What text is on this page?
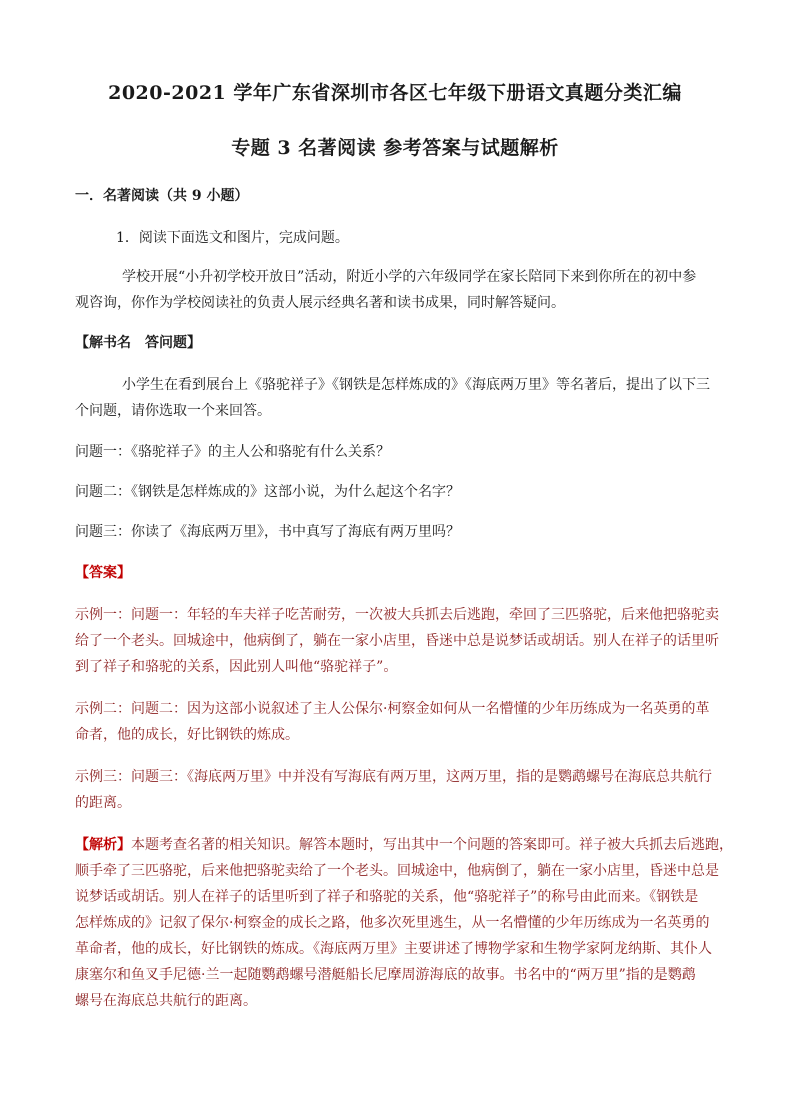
2020-2021 学年广东省深圳市各区七年级下册语文真题分类汇编
专题 3 名著阅读 参考答案与试题解析
一．名著阅读（共 9 小题）
1．阅读下面选文和图片，完成问题。
学校开展“小升初学校开放日”活动，附近小学的六年级同学在家长陪同下来到你所在的初中参
观咨询，你作为学校阅读社的负责人展示经典名著和读书成果，同时解答疑问。
【解书名　答问题】
小学生在看到展台上《骆驼祥子》《钢铁是怎样炼成的》《海底两万里》等名著后，提出了以下三
个问题，请你选取一个来回答。
问题一：《骆驼祥子》的主人公和骆驼有什么关系？
问题二：《钢铁是怎样炼成的》这部小说，为什么起这个名字？
问题三：你读了《海底两万里》，书中真写了海底有两万里吗？
【答案】
示例一：问题一：年轻的车夫祥子吃苦耐劳，一次被大兵抓去后逃跑，牵回了三匹骆驼，后来他把骆驼卖
给了一个老头。回城途中，他病倒了，躺在一家小店里，昏迷中总是说梦话或胡话。别人在祥子的话里听
到了祥子和骆驼的关系，因此别人叫他“骆驼祥子”。
示例二：问题二：因为这部小说叙述了主人公保尔·柯察金如何从一名懵懂的少年历练成为一名英勇的革
命者，他的成长，好比钢铁的炼成。
示例三：问题三：《海底两万里》中并没有写海底有两万里，这两万里，指的是鹦鹉螺号在海底总共航行
的距离。
【解析】本题考查名著的相关知识。解答本题时，写出其中一个问题的答案即可。祥子被大兵抓去后逃跑，
顺手牵了三匹骆驼，后来他把骆驼卖给了一个老头。回城途中，他病倒了，躺在一家小店里，昏迷中总是
说梦话或胡话。别人在祥子的话里听到了祥子和骆驼的关系，他“骆驼祥子”的称号由此而来。《钢铁是
怎样炼成的》记叙了保尔·柯察金的成长之路，他多次死里逃生，从一名懵懂的少年历练成为一名英勇的
革命者，他的成长，好比钢铁的炼成。《海底两万里》主要讲述了博物学家和生物学家阿龙纳斯、其仆人
康塞尔和鱼叉手尼德·兰一起随鹦鹉螺号潜艇船长尼摩周游海底的故事。书名中的“两万里”指的是鹦鹉
螺号在海底总共航行的距离。
